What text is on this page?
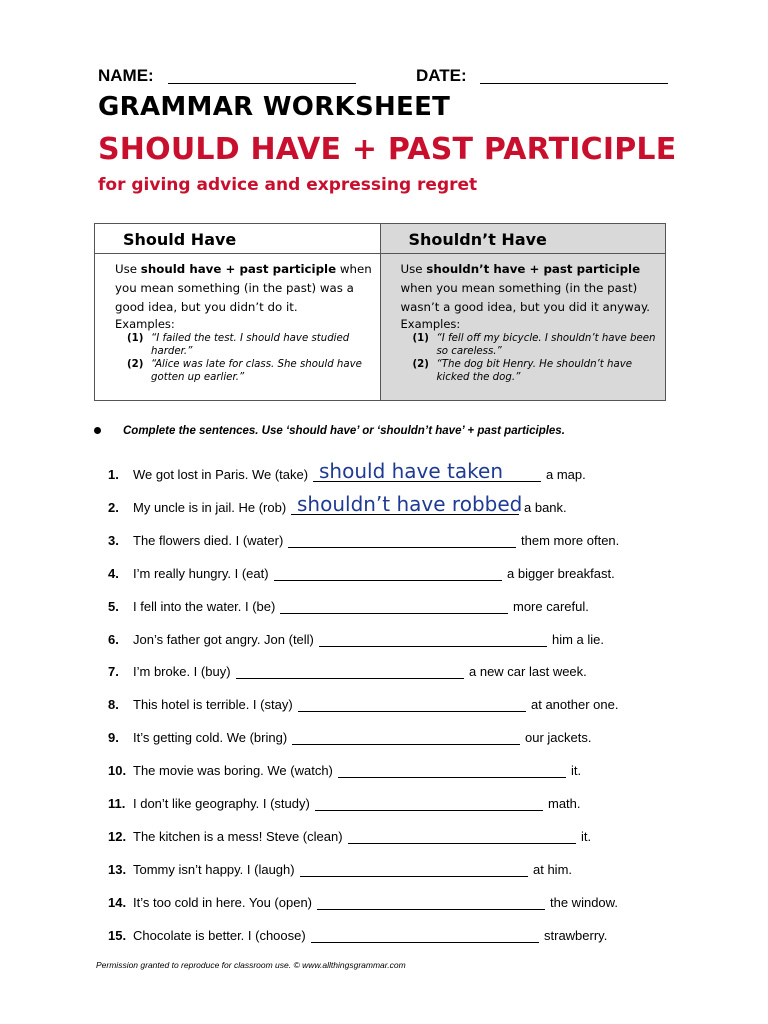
NAME:	DATE:
GRAMMAR WORKSHEET
SHOULD HAVE + PAST PARTICIPLE
for giving advice and expressing regret
Should Have
Use should have + past participle when you mean something (in the past) was a good idea, but you didn’t do it.
Examples:
(1) “I failed the test. I should have studied harder.”
(2) “Alice was late for class. She should have gotten up earlier.”
Shouldn’t Have
Use shouldn’t have + past participle when you mean something (in the past) wasn’t a good idea, but you did it anyway.
Examples:
(1) “I fell off my bicycle. I shouldn’t have been so careless.”
(2) “The dog bit Henry. He shouldn’t have kicked the dog.”
Complete the sentences. Use ‘should have’ or ‘shouldn’t have’ + past participles.
1. We got lost in Paris. We (take) should have taken	a map.
2. My uncle is in jail. He (rob) shouldn’t have robbed a bank.
3. The flowers died. I (water)	them more often.
4. I’m really hungry. I (eat)	a bigger breakfast.
5. I fell into the water. I (be)	more careful.
6. Jon’s father got angry. Jon (tell)	him a lie.
7. I’m broke. I (buy)	a new car last week.
8. This hotel is terrible. I (stay)	at another one.
9. It’s getting cold. We (bring)	our jackets.
10. The movie was boring. We (watch)	it.
11. I don’t like geography. I (study)	math.
12. The kitchen is a mess! Steve (clean)	it.
13. Tommy isn’t happy. I (laugh)	at him.
14. It’s too cold in here. You (open)	the window.
15. Chocolate is better. I (choose)	strawberry.
Permission granted to reproduce for classroom use. © www.allthingsgrammar.com
